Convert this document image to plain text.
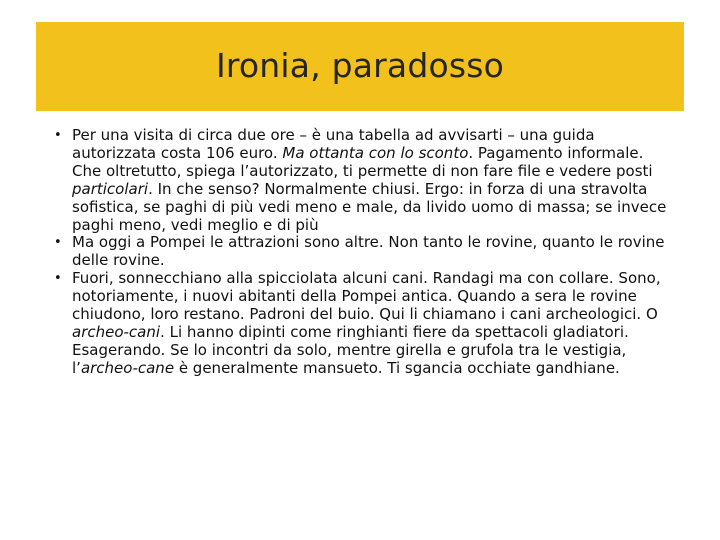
Ironia, paradosso
• Per una visita di circa due ore – è una tabella ad avvisarti – una guida autorizzata costa 106 euro. Ma ottanta con lo sconto. Pagamento informale. Che oltretutto, spiega l’autorizzato, ti permette di non fare file e vedere posti particolari. In che senso? Normalmente chiusi. Ergo: in forza di una stravolta sofistica, se paghi di più vedi meno e male, da livido uomo di massa; se invece paghi meno, vedi meglio e di più
• Ma oggi a Pompei le attrazioni sono altre. Non tanto le rovine, quanto le rovine delle rovine.
• Fuori, sonnecchiano alla spicciolata alcuni cani. Randagi ma con collare. Sono, notoriamente, i nuovi abitanti della Pompei antica. Quando a sera le rovine chiudono, loro restano. Padroni del buio. Qui li chiamano i cani archeologici. O archeo-cani. Li hanno dipinti come ringhianti fiere da spettacoli gladiatori. Esagerando. Se lo incontri da solo, mentre girella e grufola tra le vestigia, l’archeo-cane è generalmente mansueto. Ti sgancia occhiate gandhiane.
